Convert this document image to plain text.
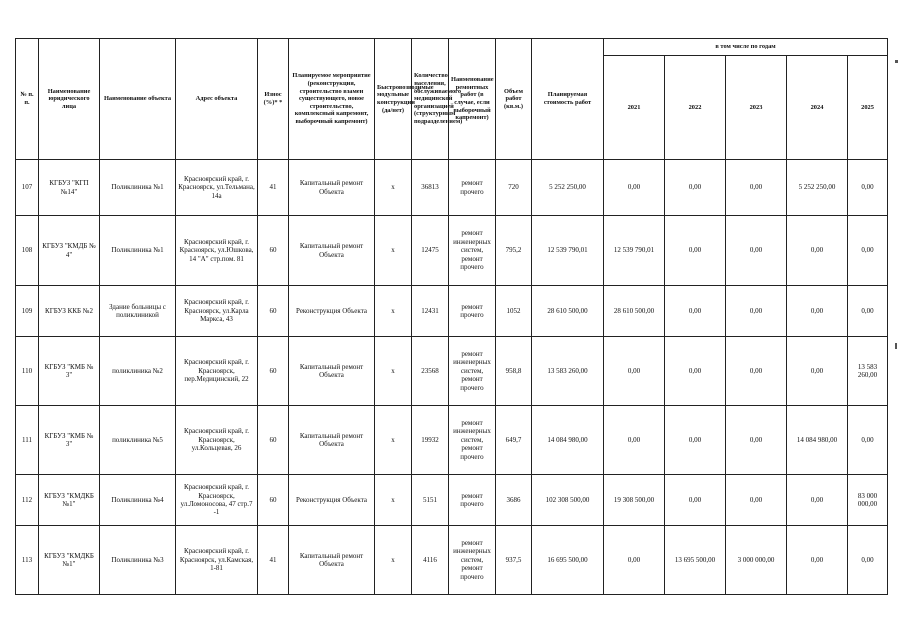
№ п. п.	Наименование юридического лица	Наименование объекта	Адрес объекта	Износ (%)* *	Планируемое мероприятие (реконструкция, строительство взамен существующего, новое строительство, комплексный капремонт, выборочный капремонт)	Быстровозводимые модульные конструкции (да/нет)	Количество населения, обслуживаемого медицинской организацией (структурным подразделением)	Наименование ремонтных работ (в случае, если выборочный капремонт)	Объем работ (кв.м.)	Планируемая стоимость работ	в том числе по годам				
											2021	2022	2023	2024	2025
107	КГБУЗ "КГП №14"	Поликлиника №1	Красноярский край, г. Красноярск, ул.Тельмана, 14а	41	Капитальный ремонт Объекта	х	36813	ремонт прочего	720	5 252 250,00	0,00	0,00	0,00	5 252 250,00	0,00
108	КГБУЗ "КМДБ № 4"	Поликлиника №1	Красноярский край, г. Красноярск, ул.Юшкова, 14 "А" стр.пом. 81	60	Капитальный ремонт Объекта	х	12475	ремонт инженерных систем, ремонт прочего	795,2	12 539 790,01	12 539 790,01	0,00	0,00	0,00	0,00
109	КГБУЗ ККБ №2	Здание больницы с поликлиникой	Красноярский край, г. Красноярск, ул.Карла Маркса, 43	60	Реконструкция Объекта	х	12431	ремонт прочего	1052	28 610 500,00	28 610 500,00	0,00	0,00	0,00	0,00
110	КГБУЗ "КМБ № 3"	поликлиника №2	Красноярский край, г. Красноярск, пер.Медицинский, 22	60	Капитальный ремонт Объекта	х	23568	ремонт инженерных систем, ремонт прочего	958,8	13 583 260,00	0,00	0,00	0,00	0,00	13 583 260,00
111	КГБУЗ "КМБ № 3"	поликлиника №5	Красноярский край, г. Красноярск, ул.Кольцевая, 26	60	Капитальный ремонт Объекта	х	19932	ремонт инженерных систем, ремонт прочего	649,7	14 084 980,00	0,00	0,00	0,00	14 084 980,00	0,00
112	КГБУЗ "КМДКБ №1"	Поликлиника №4	Красноярский край, г. Красноярск, ул.Ломоносова, 47 стр.7 -1	60	Реконструкция Объекта	х	5151	ремонт прочего	3686	102 308 500,00	19 308 500,00	0,00	0,00	0,00	83 000 000,00
113	КГБУЗ "КМДКБ №1"	Поликлиника №3	Красноярский край, г. Красноярск, ул.Камская, 1-81	41	Капитальный ремонт Объекта	х	4116	ремонт инженерных систем, ремонт прочего	937,5	16 695 500,00	0,00	13 695 500,00	3 000 000,00	0,00	0,00
